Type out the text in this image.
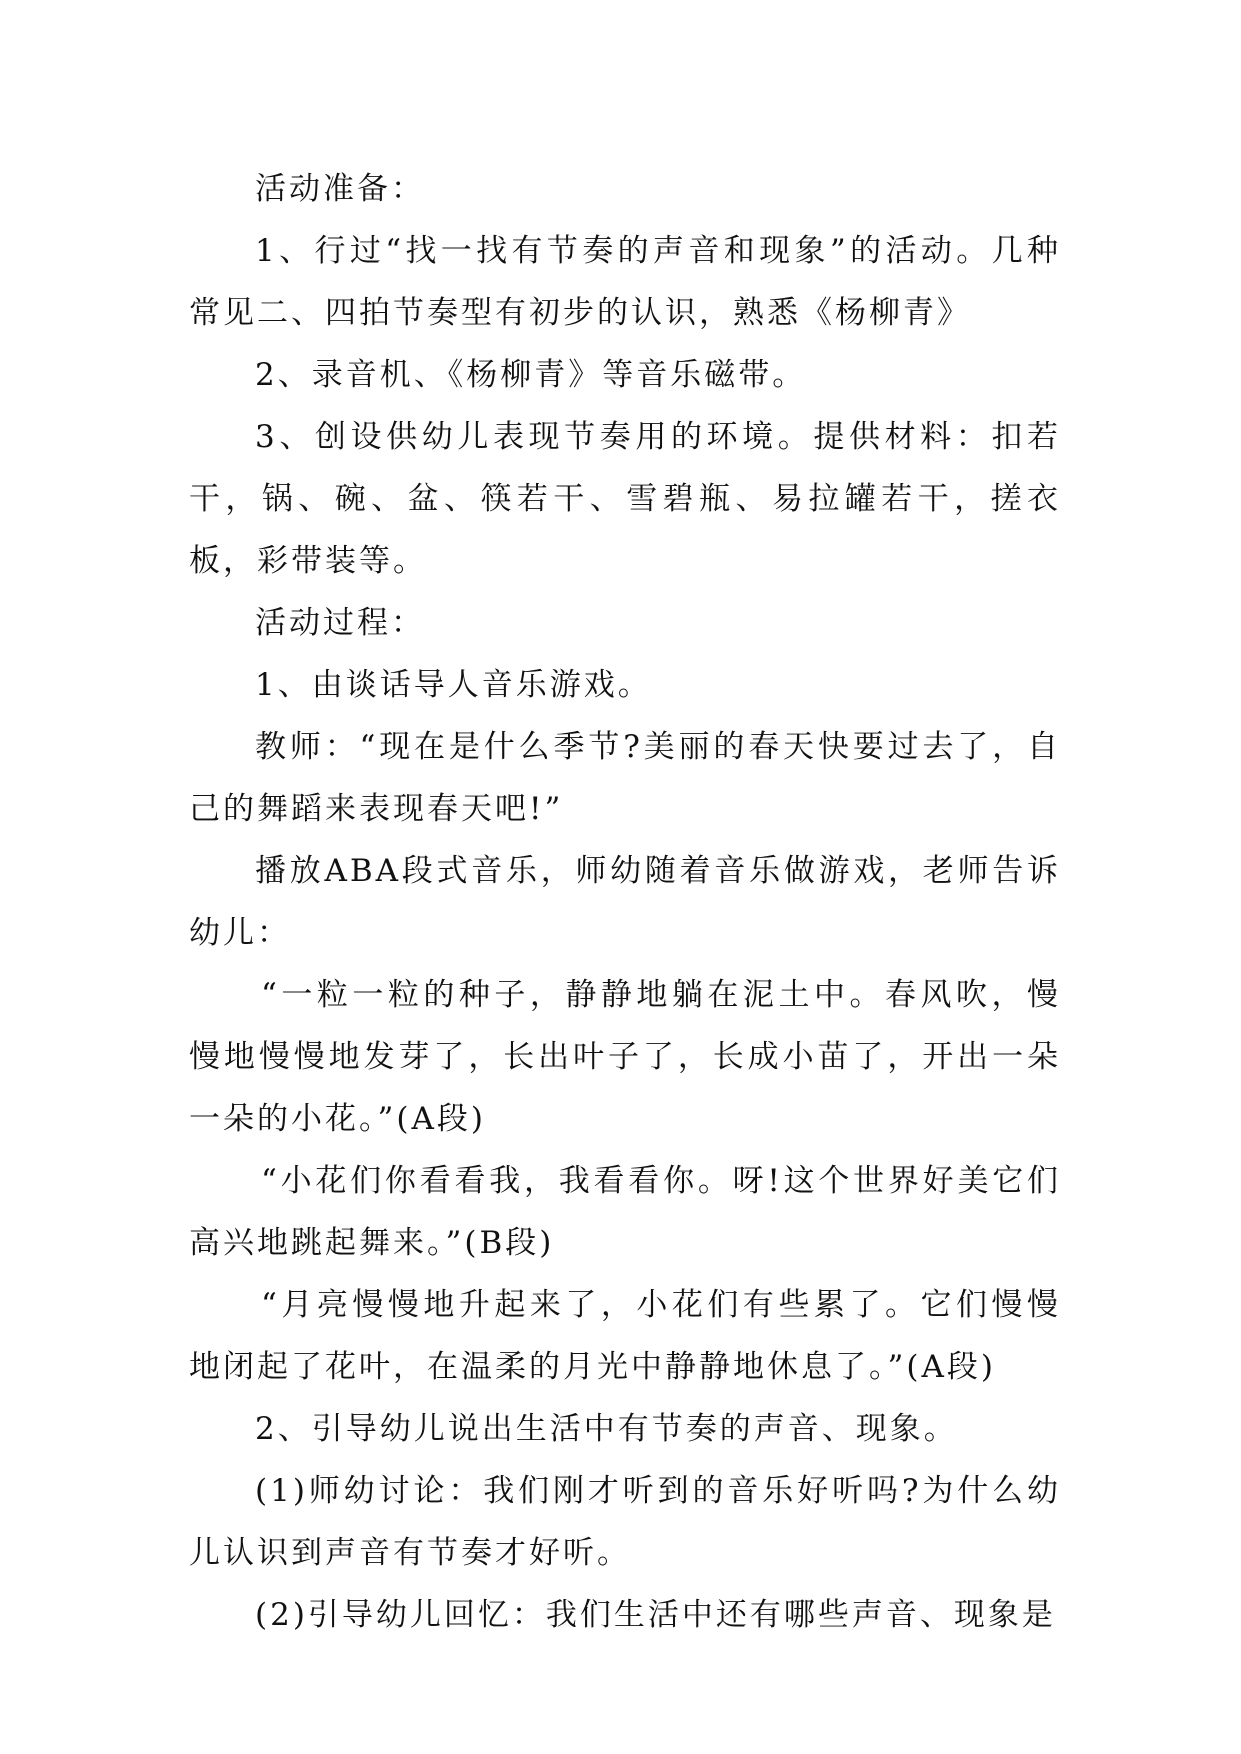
活动准备：

1、行过“找一找有节奏的声音和现象”的活动。几种常见二、四拍节奏型有初步的认识，熟悉《杨柳青》

2、录音机、《杨柳青》等音乐磁带。

3、创设供幼儿表现节奏用的环境。提供材料：扣若干，锅、碗、盆、筷若干、雪碧瓶、易拉罐若干，搓衣板，彩带装等。

活动过程：

1、由谈话导人音乐游戏。

教师：“现在是什么季节?美丽的春天快要过去了，自己的舞蹈来表现春天吧!”

播放ABA段式音乐，师幼随着音乐做游戏，老师告诉幼儿：

“一粒一粒的种子，静静地躺在泥土中。春风吹，慢慢地慢慢地发芽了，长出叶子了，长成小苗了，开出一朵一朵的小花。”(A段)

“小花们你看看我，我看看你。呀!这个世界好美它们高兴地跳起舞来。”(B段)

“月亮慢慢地升起来了，小花们有些累了。它们慢慢地闭起了花叶，在温柔的月光中静静地休息了。”(A段)

2、引导幼儿说出生活中有节奏的声音、现象。

(1)师幼讨论：我们刚才听到的音乐好听吗?为什么幼儿认识到声音有节奏才好听。

(2)引导幼儿回忆：我们生活中还有哪些声音、现象是
